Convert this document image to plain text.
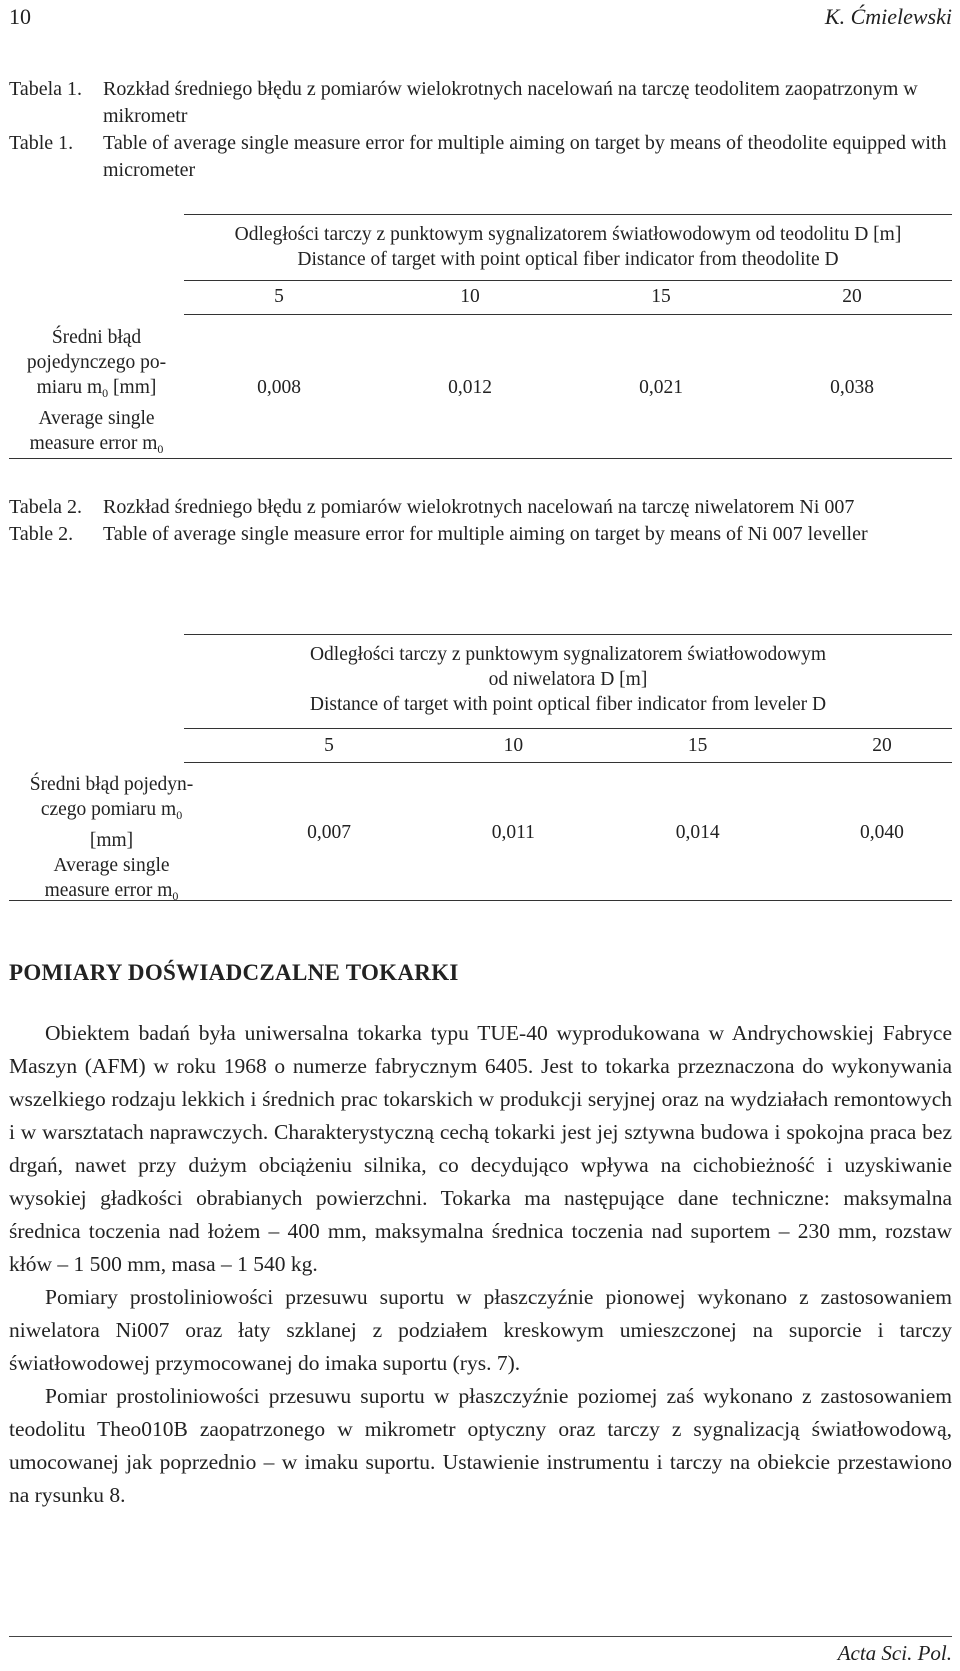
10	K. Ćmielewski
Tabela 1.	Rozkład średniego błędu z pomiarów wielokrotnych nacelowań na tarczę teodolitem zaopatrzonym w mikrometr
Table 1.	Table of average single measure error for multiple aiming on target by means of theodolite equipped with micrometer
Odległości tarczy z punktowym sygnalizatorem światłowodowym od teodolitu D [m]
Distance of target with point optical fiber indicator from theodolite D
5	10	15	20
Średni błąd
pojedynczego po-
miaru $m_0$ [mm]
Average single
measure error $m_0$
0,008	0,012	0,021	0,038
Tabela 2.	Rozkład średniego błędu z pomiarów wielokrotnych nacelowań na tarczę niwelatorem Ni 007
Table 2.	Table of average single measure error for multiple aiming on target by means of Ni 007 leveller
Odległości tarczy z punktowym sygnalizatorem światłowodowym
od niwelatora D [m]
Distance of target with point optical fiber indicator from leveler D
5	10	15	20
Średni błąd pojedyn-
czego pomiaru $m_0$
[mm]
Average single
measure error $m_0$
0,007	0,011	0,014	0,040
POMIARY DOŚWIADCZALNE TOKARKI

Obiektem badań była uniwersalna tokarka typu TUE-40 wyprodukowana w Andrychowskiej Fabryce Maszyn (AFM) w roku 1968 o numerze fabrycznym 6405. Jest to tokarka przeznaczona do wykonywania wszelkiego rodzaju lekkich i średnich prac tokarskich w produkcji seryjnej oraz na wydziałach remontowych i w warsztatach naprawczych. Charakterystyczną cechą tokarki jest jej sztywna budowa i spokojna praca bez drgań, nawet przy dużym obciążeniu silnika, co decydująco wpływa na cichobieżność i uzyskiwanie wysokiej gładkości obrabianych powierzchni. Tokarka ma następujące dane techniczne: maksymalna średnica toczenia nad łożem – 400 mm, maksymalna średnica toczenia nad suportem – 230 mm, rozstaw kłów – 1 500 mm, masa – 1 540 kg.

Pomiary prostoliniowości przesuwu suportu w płaszczyźnie pionowej wykonano z zastosowaniem niwelatora Ni007 oraz łaty szklanej z podziałem kreskowym umieszczonej na suporcie i tarczy światłowodowej przymocowanej do imaka suportu (rys. 7).

Pomiar prostoliniowości przesuwu suportu w płaszczyźnie poziomej zaś wykonano z zastosowaniem teodolitu Theo010B zaopatrzonego w mikrometr optyczny oraz tarczy z sygnalizacją światłowodową, umocowanej jak poprzednio – w imaku suportu. Ustawienie instrumentu i tarczy na obiekcie przestawiono na rysunku 8.

Acta Sci. Pol.
